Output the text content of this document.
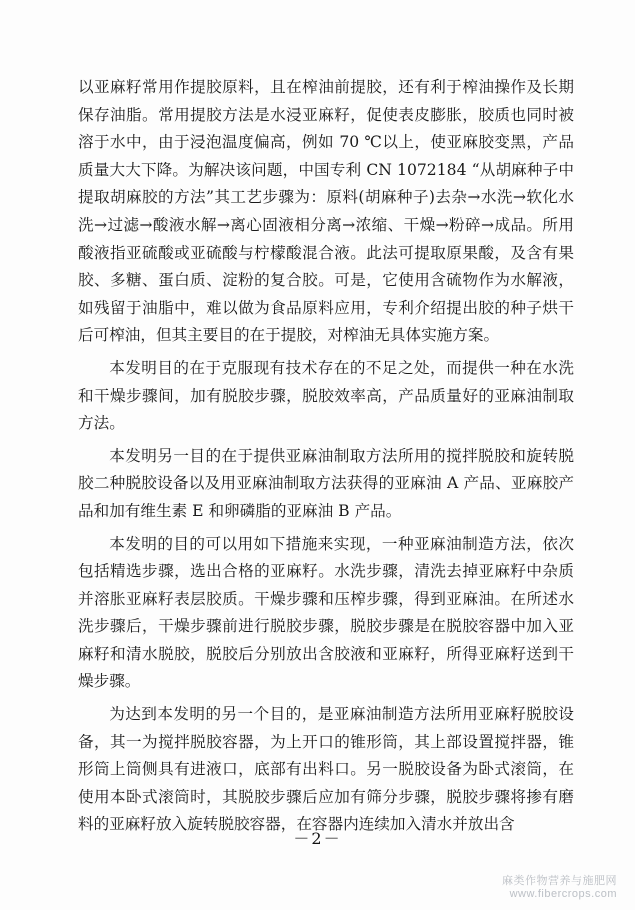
以亚麻籽常用作提胶原料，且在榨油前提胶，还有利于榨油操作及长期保存油脂。常用提胶方法是水浸亚麻籽，促使表皮膨胀，胶质也同时被溶于水中，由于浸泡温度偏高，例如 70 ℃以上，使亚麻胶变黑，产品质量大大下降。为解决该问题，中国专利 CN 1072184 “从胡麻种子中提取胡麻胶的方法”其工艺步骤为：原料(胡麻种子)去杂→水洗→软化水洗→过滤→酸液水解→离心固液相分离→浓缩、干燥→粉碎→成品。所用酸液指亚硫酸或亚硫酸与柠檬酸混合液。此法可提取原果酸，及含有果胶、多糖、蛋白质、淀粉的复合胶。可是，它使用含硫物作为水解液，如残留于油脂中，难以做为食品原料应用，专利介绍提出胶的种子烘干后可榨油，但其主要目的在于提胶，对榨油无具体实施方案。

本发明目的在于克服现有技术存在的不足之处，而提供一种在水洗和干燥步骤间，加有脱胶步骤，脱胶效率高，产品质量好的亚麻油制取方法。

本发明另一目的在于提供亚麻油制取方法所用的搅拌脱胶和旋转脱胶二种脱胶设备以及用亚麻油制取方法获得的亚麻油 A 产品、亚麻胶产品和加有维生素 E 和卵磷脂的亚麻油 B 产品。

本发明的目的可以用如下措施来实现，一种亚麻油制造方法，依次包括精选步骤，选出合格的亚麻籽。水洗步骤，清洗去掉亚麻籽中杂质并溶胀亚麻籽表层胶质。干燥步骤和压榨步骤，得到亚麻油。在所述水洗步骤后，干燥步骤前进行脱胶步骤，脱胶步骤是在脱胶容器中加入亚麻籽和清水脱胶，脱胶后分别放出含胶液和亚麻籽，所得亚麻籽送到干燥步骤。

为达到本发明的另一个目的，是亚麻油制造方法所用亚麻籽脱胶设备，其一为搅拌脱胶容器，为上开口的锥形筒，其上部设置搅拌器，锥形筒上筒侧具有进液口，底部有出料口。另一脱胶设备为卧式滚筒，在使用本卧式滚筒时，其脱胶步骤后应加有筛分步骤，脱胶步骤将掺有磨料的亚麻籽放入旋转脱胶容器，在容器内连续加入清水并放出含

－2－
麻类作物营养与施肥网
www.fibercrops.com
